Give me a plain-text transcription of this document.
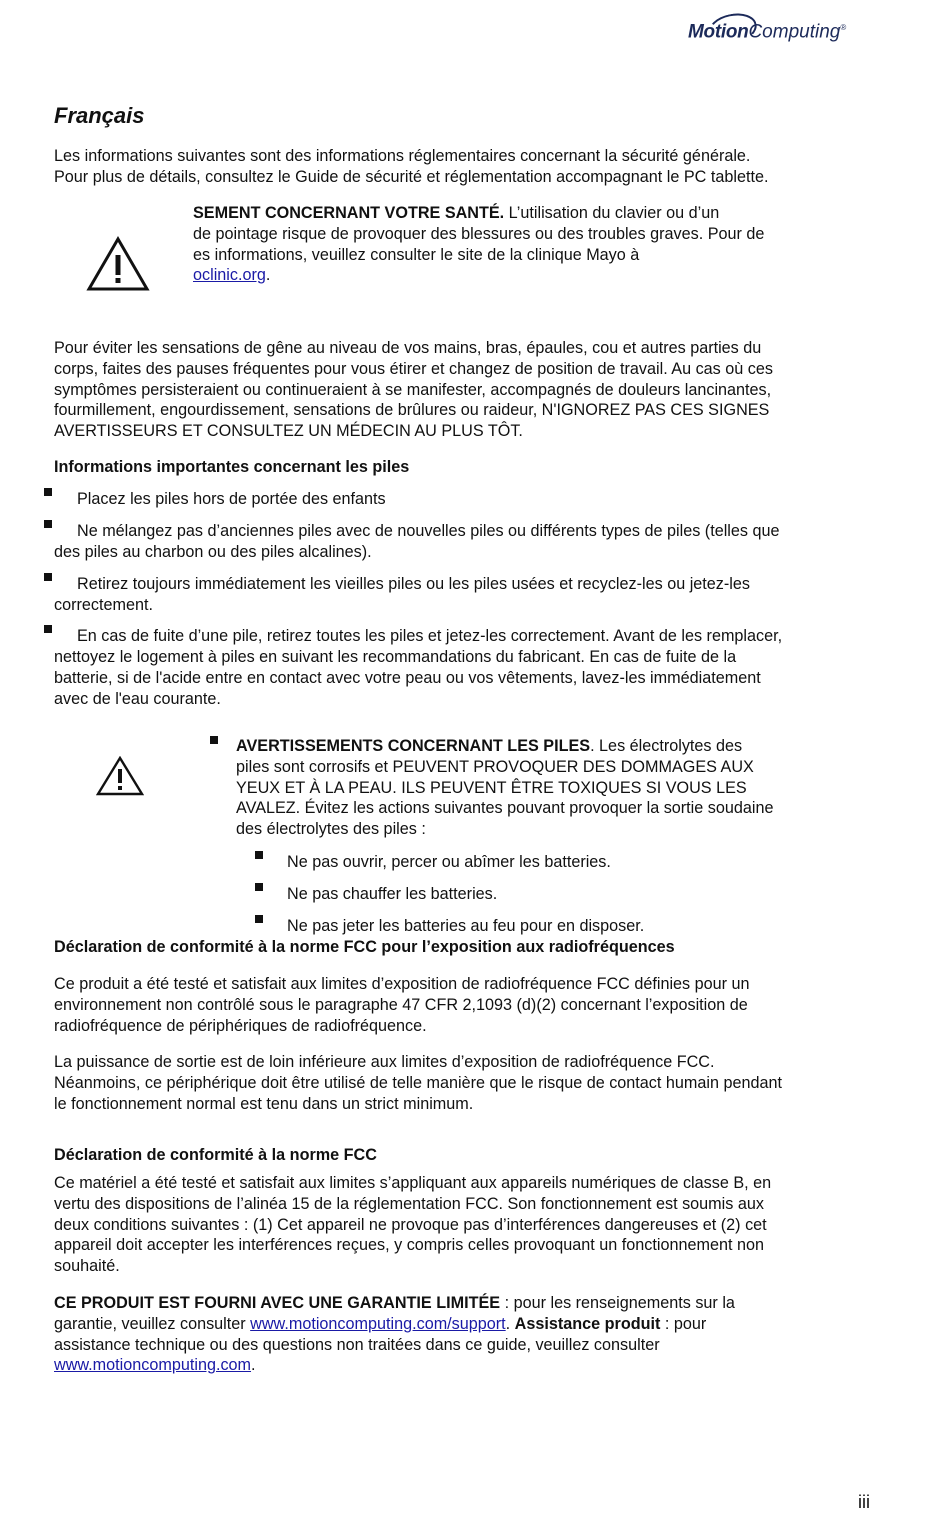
MotionComputing®
Français
Les informations suivantes sont des informations réglementaires concernant la sécurité générale.
Pour plus de détails, consultez le Guide de sécurité et réglementation accompagnant le PC tablette.
SEMENT CONCERNANT VOTRE SANTÉ. L’utilisation du clavier ou d’un
de pointage risque de provoquer des blessures ou des troubles graves. Pour de
es informations, veuillez consulter le site de la clinique Mayo à
oclinic.org.
Pour éviter les sensations de gêne au niveau de vos mains, bras, épaules, cou et autres parties du
corps, faites des pauses fréquentes pour vous étirer et changez de position de travail. Au cas où ces
symptômes persisteraient ou continueraient à se manifester, accompagnés de douleurs lancinantes,
fourmillement, engourdissement, sensations de brûlures ou raideur, N'IGNOREZ PAS CES SIGNES
AVERTISSEURS ET CONSULTEZ UN MÉDECIN AU PLUS TÔT.
Informations importantes concernant les piles
Placez les piles hors de portée des enfants
Ne mélangez pas d’anciennes piles avec de nouvelles piles ou différents types de piles (telles que
des piles au charbon ou des piles alcalines).
Retirez toujours immédiatement les vieilles piles ou les piles usées et recyclez-les ou jetez-les
correctement.
En cas de fuite d’une pile, retirez toutes les piles et jetez-les correctement. Avant de les remplacer,
nettoyez le logement à piles en suivant les recommandations du fabricant. En cas de fuite de la
batterie, si de l'acide entre en contact avec votre peau ou vos vêtements, lavez-les immédiatement
avec de l'eau courante.
AVERTISSEMENTS CONCERNANT LES PILES. Les électrolytes des
piles sont corrosifs et PEUVENT PROVOQUER DES DOMMAGES AUX
YEUX ET À LA PEAU. ILS PEUVENT ÊTRE TOXIQUES SI VOUS LES
AVALEZ. Évitez les actions suivantes pouvant provoquer la sortie soudaine
des électrolytes des piles :
Ne pas ouvrir, percer ou abîmer les batteries.
Ne pas chauffer les batteries.
Ne pas jeter les batteries au feu pour en disposer.
Déclaration de conformité à la norme FCC pour l’exposition aux radiofréquences
Ce produit a été testé et satisfait aux limites d’exposition de radiofréquence FCC définies pour un
environnement non contrôlé sous le paragraphe 47 CFR 2,1093 (d)(2) concernant l’exposition de
radiofréquence de périphériques de radiofréquence.
La puissance de sortie est de loin inférieure aux limites d’exposition de radiofréquence FCC.
Néanmoins, ce périphérique doit être utilisé de telle manière que le risque de contact humain pendant
le fonctionnement normal est tenu dans un strict minimum.
Déclaration de conformité à la norme FCC
Ce matériel a été testé et satisfait aux limites s’appliquant aux appareils numériques de classe B, en
vertu des dispositions de l’alinéa 15 de la réglementation FCC. Son fonctionnement est soumis aux
deux conditions suivantes : (1) Cet appareil ne provoque pas d’interférences dangereuses et (2) cet
appareil doit accepter les interférences reçues, y compris celles provoquant un fonctionnement non
souhaité.
CE PRODUIT EST FOURNI AVEC UNE GARANTIE LIMITÉE : pour les renseignements sur la
garantie, veuillez consulter www.motioncomputing.com/support. Assistance produit : pour
assistance technique ou des questions non traitées dans ce guide, veuillez consulter
www.motioncomputing.com.
iii
